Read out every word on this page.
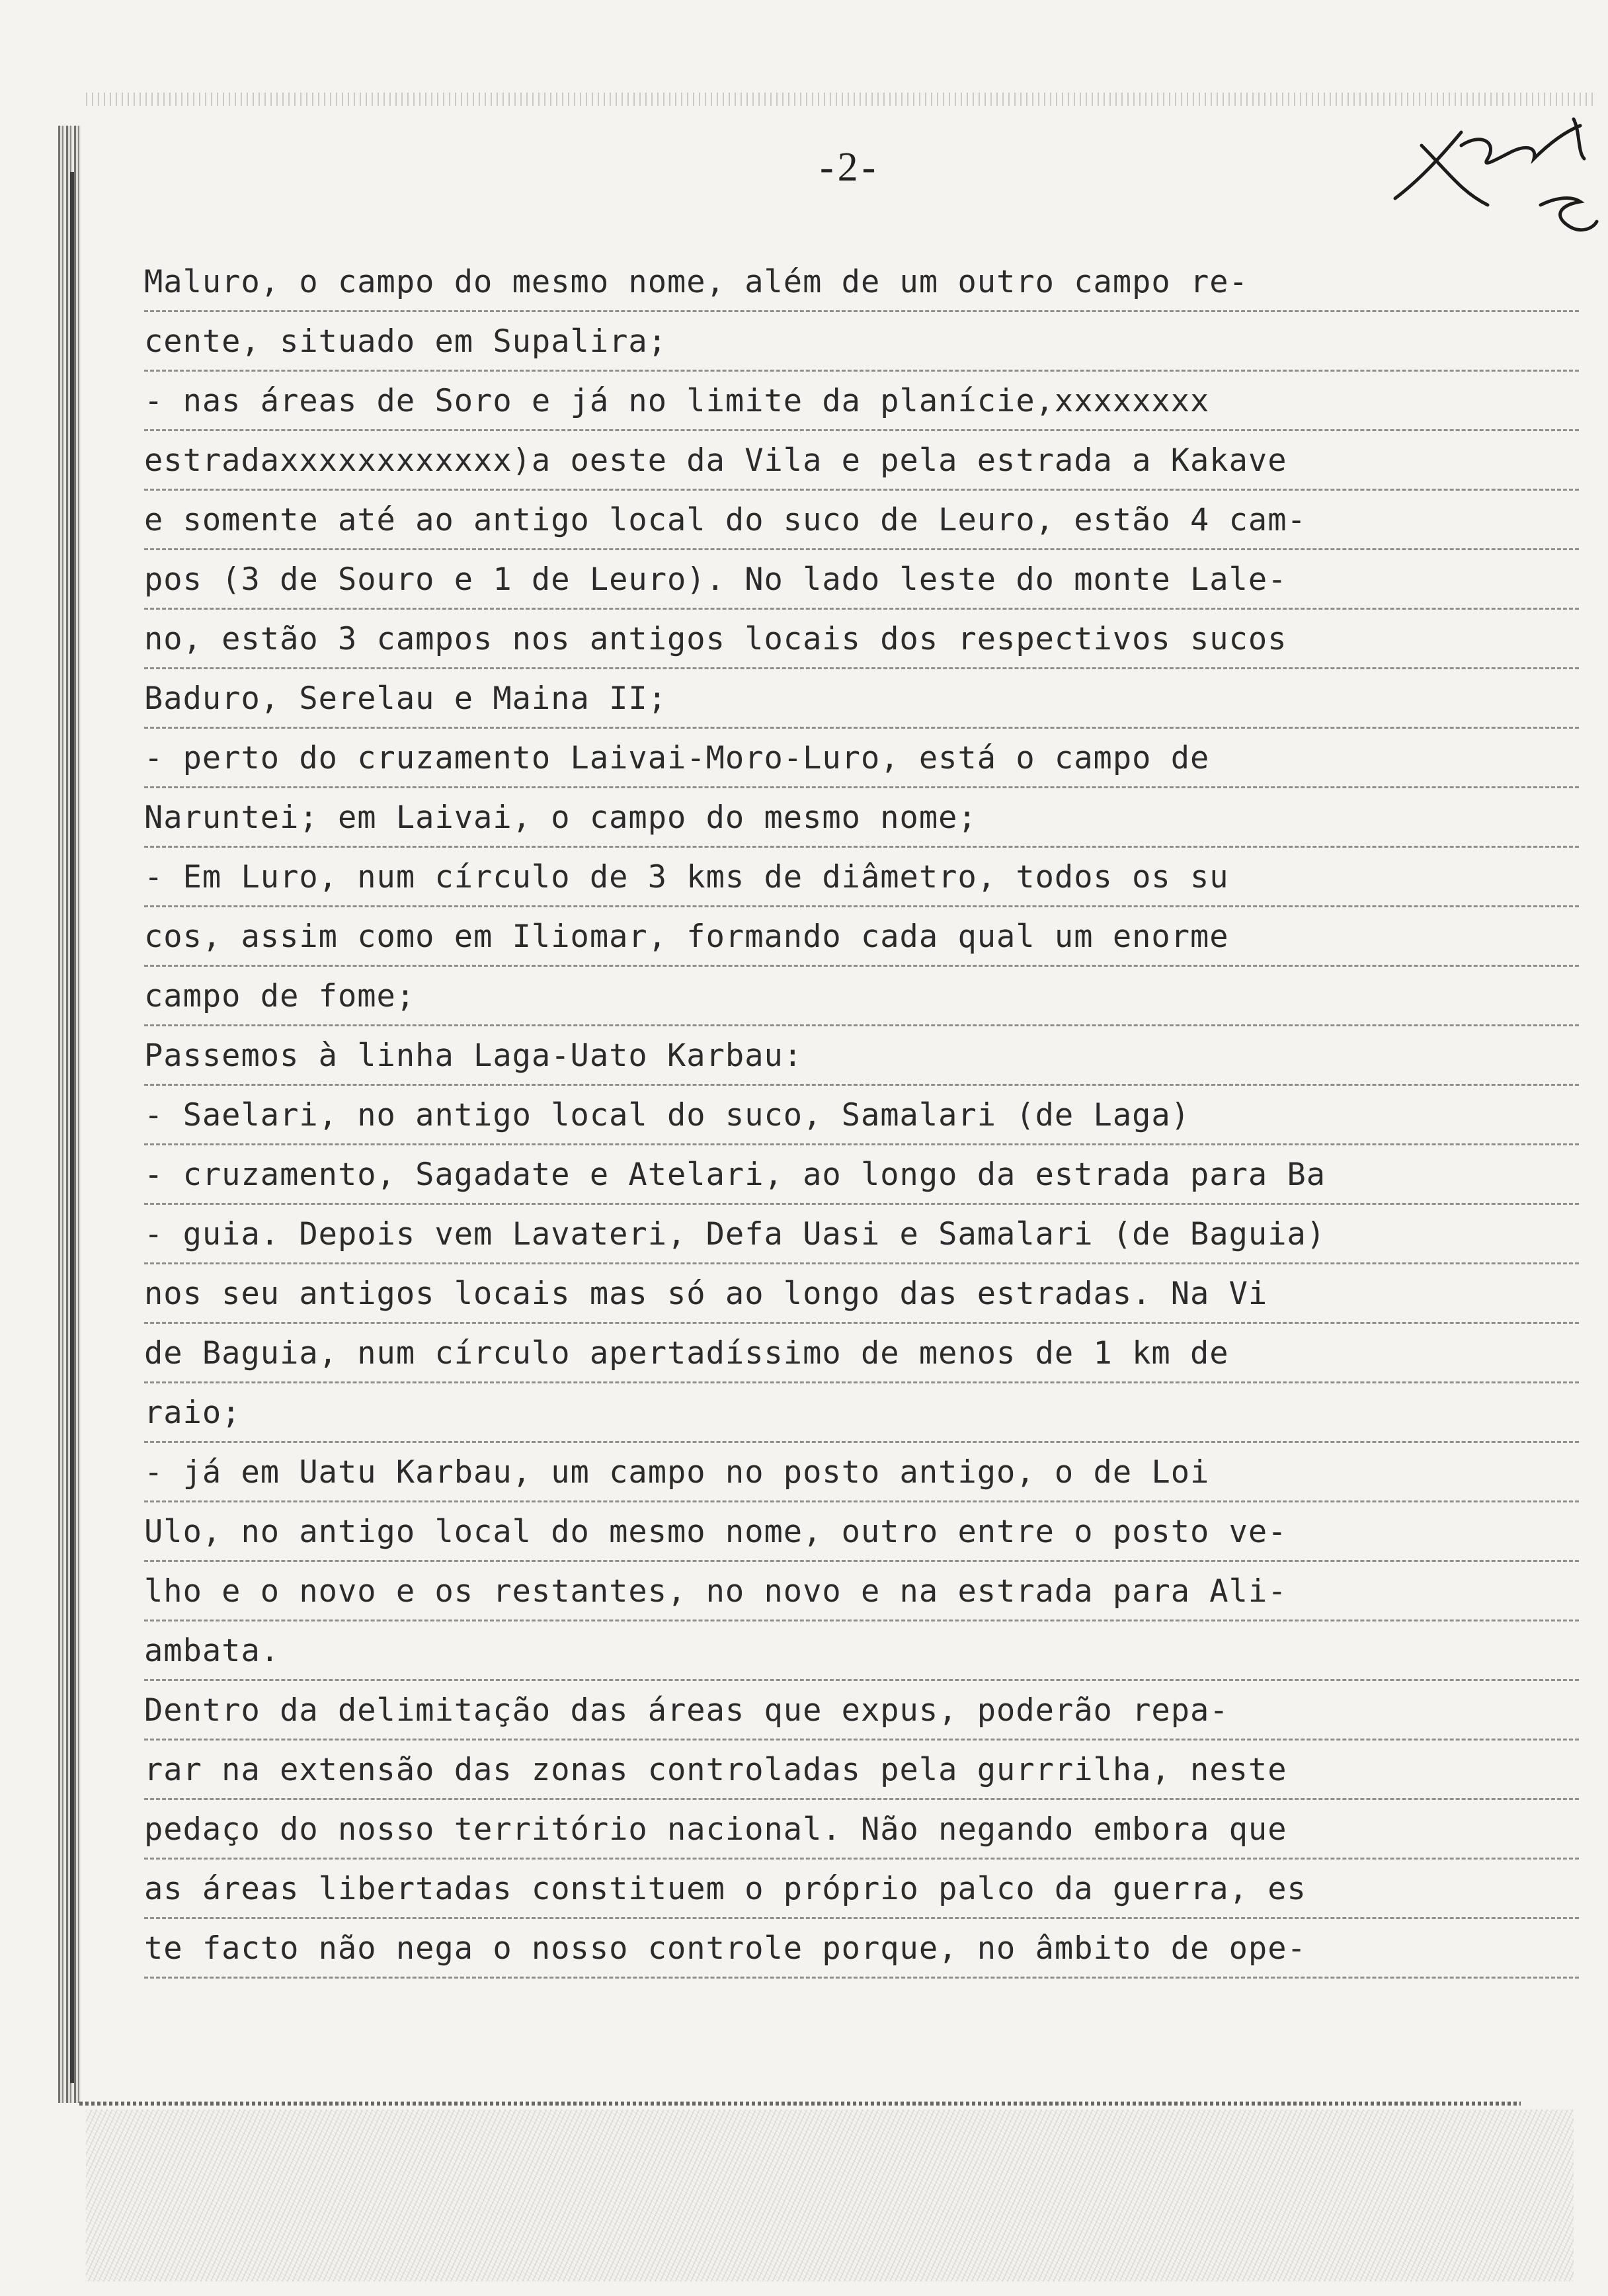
-2-
Maluro, o campo do mesmo nome, além de um outro campo re-
cente, situado em Supalira;
- nas áreas de Soro e já no limite da planície,xxxxxxxx
estradaxxxxxxxxxxxx)a oeste da Vila e pela estrada a Kakave
e somente até ao antigo local do suco de Leuro, estão 4 cam-
pos (3 de Souro e 1 de Leuro). No lado leste do monte Lale-
no, estão 3 campos nos antigos locais dos respectivos sucos
Baduro, Serelau e Maina II;
- perto do cruzamento Laivai-Moro-Luro, está o campo de
Naruntei; em Laivai, o campo do mesmo nome;
- Em Luro, num círculo de 3 kms de diâmetro, todos os su
cos, assim como em Iliomar, formando cada qual um enorme
campo de fome;
Passemos à linha Laga-Uato Karbau:
- Saelari, no antigo local do suco, Samalari (de Laga)
- cruzamento, Sagadate e Atelari, ao longo da estrada para Ba
- guia. Depois vem Lavateri, Defa Uasi e Samalari (de Baguia)
nos seu antigos locais mas só ao longo das estradas. Na Vi
de Baguia, num círculo apertadíssimo de menos de 1 km de
raio;
- já em Uatu Karbau, um campo no posto antigo, o de Loi
Ulo, no antigo local do mesmo nome, outro entre o posto ve-
lho e o novo e os restantes, no novo e na estrada para Ali-
ambata.
Dentro da delimitação das áreas que expus, poderão repa-
rar na extensão das zonas controladas pela gurrrilha, neste
pedaço do nosso território nacional. Não negando embora que
as áreas libertadas constituem o próprio palco da guerra, es
te facto não nega o nosso controle porque, no âmbito de ope-
